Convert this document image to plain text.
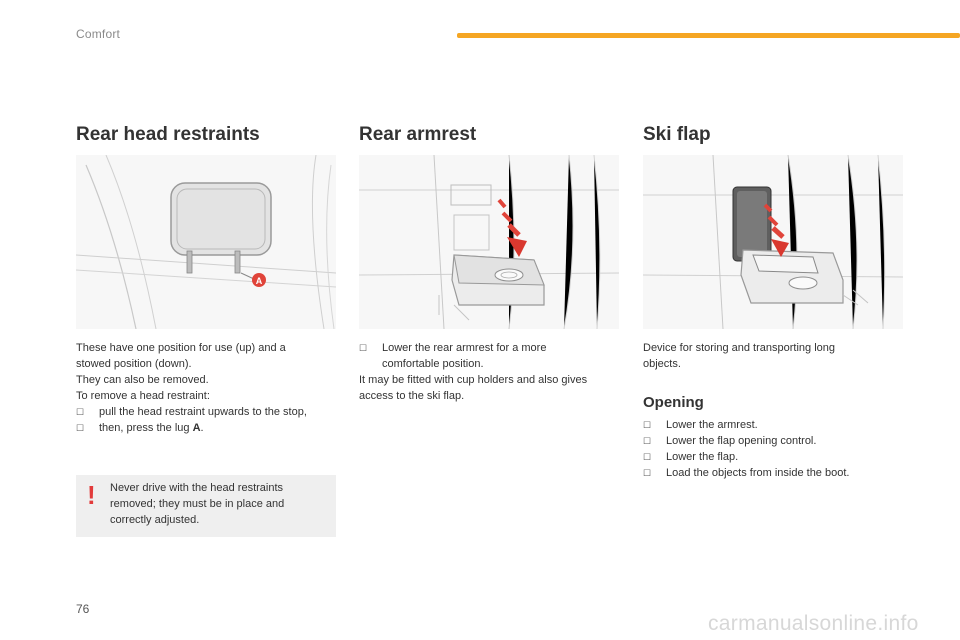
Comfort
Rear head restraints
A

These have one position for use (up) and a

stowed position (down).

They can also be removed.

To remove a head restraint:

☐ pull the head restraint upwards to the stop,
☐ then, press the lug A.
! Never drive with the head restraints
removed; they must be in place and
correctly adjusted.
Rear armrest
☐ Lower the rear armrest for a more
comfortable position.

It may be fitted with cup holders and also gives

access to the ski flap.

Ski flap

Device for storing and transporting long

objects.

Opening
☐ Lower the armrest.
☐ Lower the flap opening control.
☐ Lower the flap.
☐ Load the objects from inside the boot.
76
carmanualsonline.info
